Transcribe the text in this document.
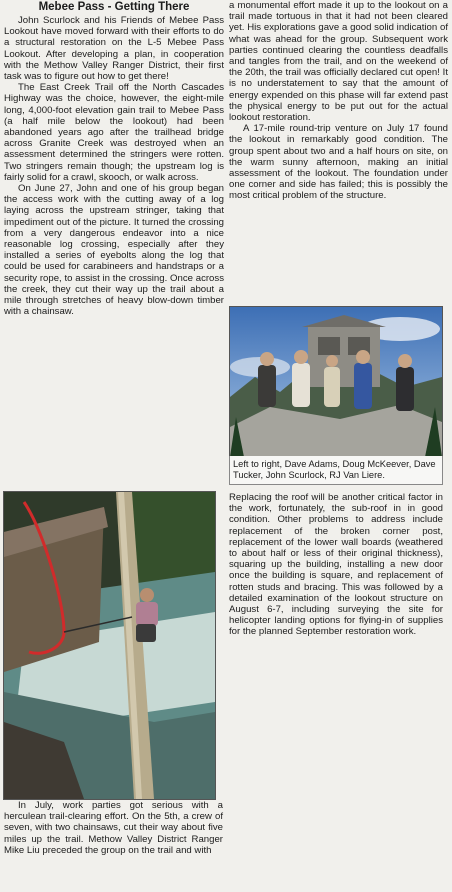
Mebee Pass - Getting There

John Scurlock and his Friends of Mebee Pass Lookout have moved forward with their efforts to do a structural restoration on the L-5 Mebee Pass Lookout. After developing a plan, in cooperation with the Methow Valley Ranger District, their first task was to figure out how to get there!

The East Creek Trail off the North Cascades Highway was the choice, however, the eight-mile long, 4,000-foot elevation gain trail to Mebee Pass (a half mile below the lookout) had been abandoned years ago after the trailhead bridge across Granite Creek was destroyed when an assessment determined the stringers were rotten. Two stringers remain though; the upstream log is fairly solid for a crawl, skooch, or walk across.

On June 27, John and one of his group began the access work with the cutting away of a log laying across the upstream stringer, taking that impediment out of the picture. It turned the crossing from a very dangerous endeavor into a nice reasonable log crossing, especially after they installed a series of eyebolts along the log that could be used for carabineers and handstraps or a security rope, to assist in the crossing. Once across the creek, they cut their way up the trail about a mile through stretches of heavy blow-down timber with a chainsaw.

a monumental effort made it up to the lookout on a trail made tortuous in that it had not been cleared yet. His explorations gave a good solid indication of what was ahead for the group. Subsequent work parties continued clearing the countless deadfalls and tangles from the trail, and on the weekend of the 20th, the trail was officially declared cut open! It is no understatement to say that the amount of energy expended on this phase will far extend past the physical energy to be put out for the actual lookout restoration.

A 17-mile round-trip venture on July 17 found the lookout in remarkably good condition. The group spent about two and a half hours on site, on the warm sunny afternoon, making an initial assessment of the lookout. The foundation under one corner and side has failed; this is possibly the most critical problem of the structure.

Left to right, Dave Adams, Doug McKeever, Dave Tucker, John Scurlock, RJ Van Liere.

Replacing the roof will be another critical factor in the work, fortunately, the sub-roof in in good condition. Other problems to address include replacement of the broken corner post, replacement of the lower wall boards (weathered to about half or less of their original thickness), squaring up the building, installing a new door once the building is square, and replacement of rotten studs and bracing. This was followed by a detailed examination of the lookout structure on August 6-7, including surveying the site for helicopter landing options for flying-in of supplies for the planned September restoration work.

In July, work parties got serious with a herculean trail-clearing effort. On the 5th, a crew of seven, with two chainsaws, cut their way about five miles up the trail. Methow Valley District Ranger Mike Liu preceded the group on the trail and with
